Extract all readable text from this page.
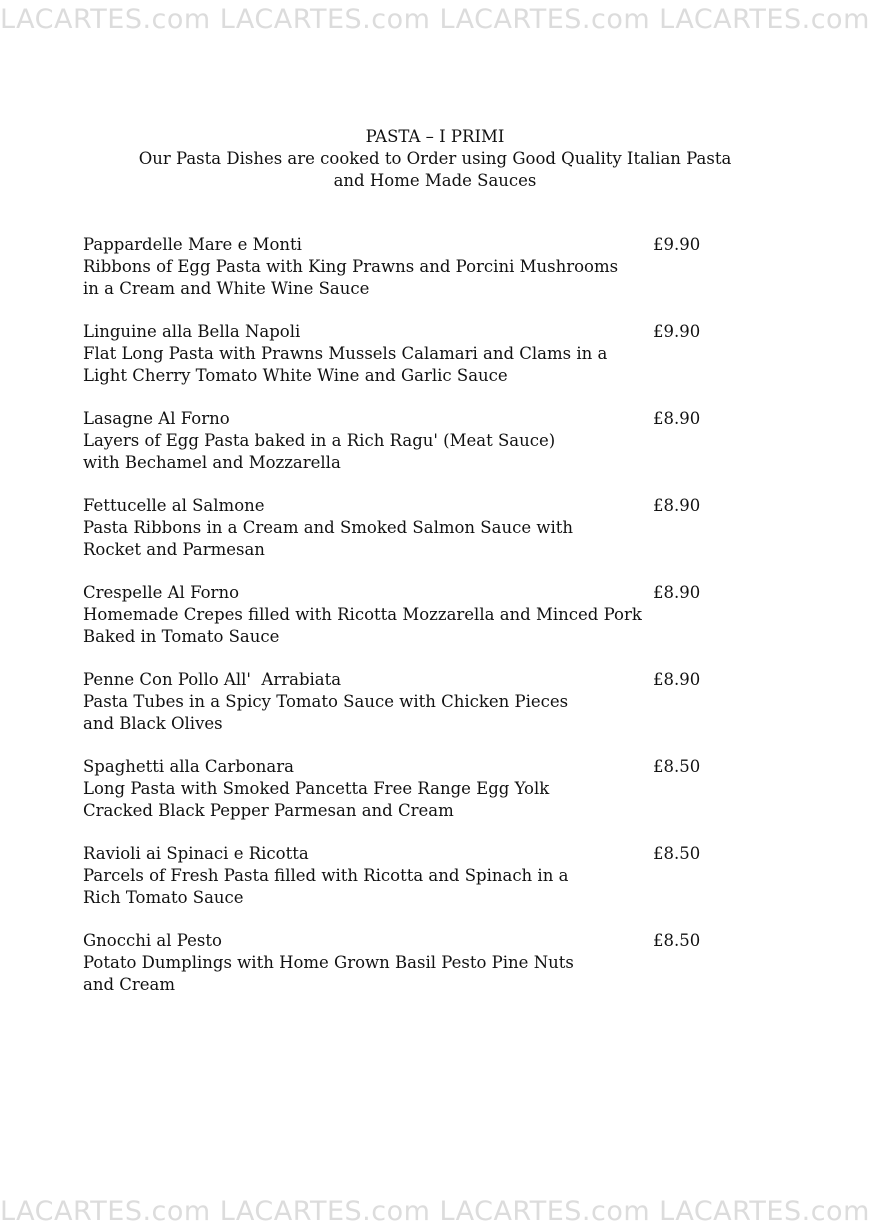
LACARTES.com LACARTES.com LACARTES.com LACARTES.com
PASTA – I PRIMI
Our Pasta Dishes are cooked to Order using Good Quality Italian Pasta
and Home Made Sauces
Pappardelle Mare e Monti
Ribbons of Egg Pasta with King Prawns and Porcini Mushrooms
in a Cream and White Wine Sauce
£9.90
Linguine alla Bella Napoli
Flat Long Pasta with Prawns Mussels Calamari and Clams in a
Light Cherry Tomato White Wine and Garlic Sauce
£9.90
Lasagne Al Forno
Layers of Egg Pasta baked in a Rich Ragu' (Meat Sauce)
with Bechamel and Mozzarella
£8.90
Fettucelle al Salmone
Pasta Ribbons in a Cream and Smoked Salmon Sauce with
Rocket and Parmesan
£8.90
Crespelle Al Forno
Homemade Crepes filled with Ricotta Mozzarella and Minced Pork
Baked in Tomato Sauce
£8.90
Penne Con Pollo All'  Arrabiata
Pasta Tubes in a Spicy Tomato Sauce with Chicken Pieces
and Black Olives
£8.90
Spaghetti alla Carbonara
Long Pasta with Smoked Pancetta Free Range Egg Yolk
Cracked Black Pepper Parmesan and Cream
£8.50
Ravioli ai Spinaci e Ricotta
Parcels of Fresh Pasta filled with Ricotta and Spinach in a
Rich Tomato Sauce
£8.50
Gnocchi al Pesto
Potato Dumplings with Home Grown Basil Pesto Pine Nuts
and Cream
£8.50
LACARTES.com LACARTES.com LACARTES.com LACARTES.com
